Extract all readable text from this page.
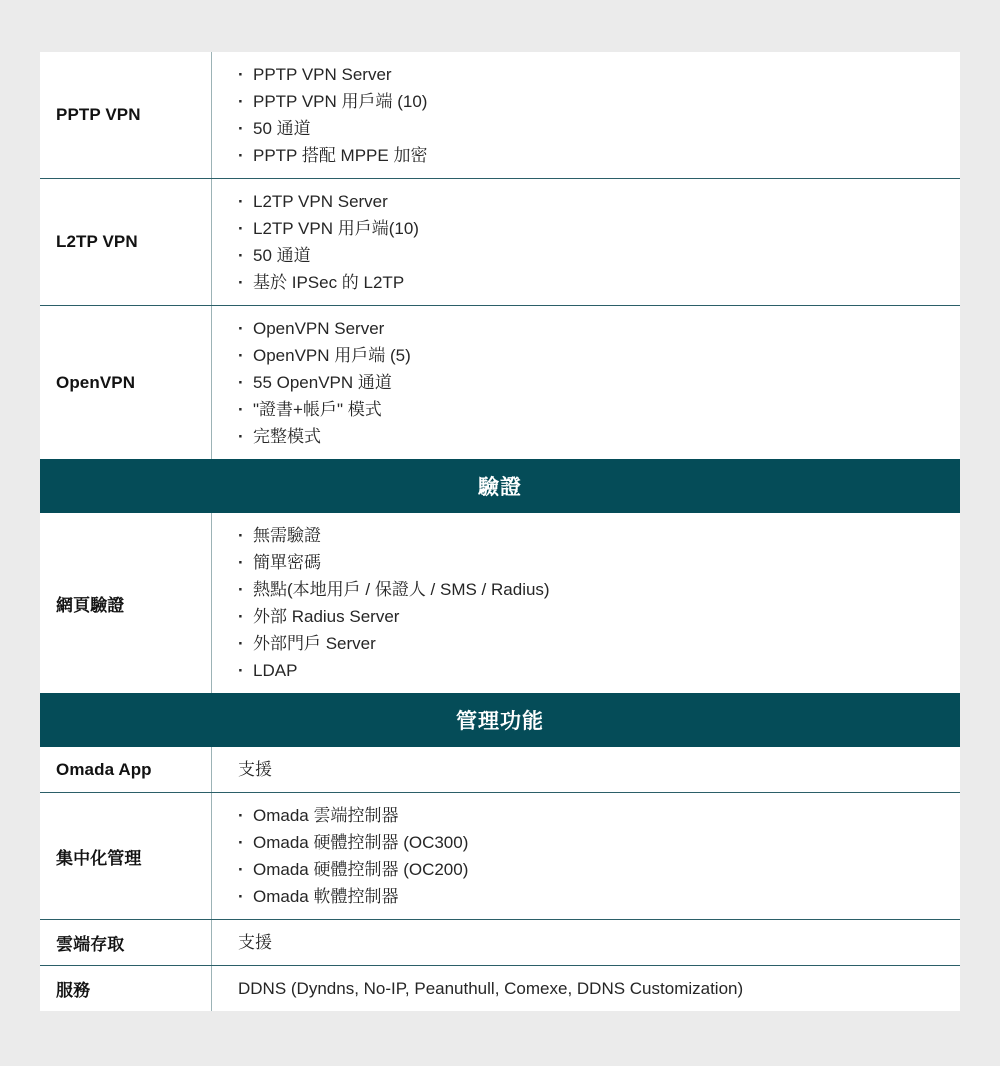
PPTP VPN
· PPTP VPN Server
· PPTP VPN 用戶端 (10)
· 50 通道
· PPTP 搭配 MPPE 加密
L2TP VPN
· L2TP VPN Server
· L2TP VPN 用戶端(10)
· 50 通道
· 基於 IPSec 的 L2TP
OpenVPN
· OpenVPN Server
· OpenVPN 用戶端 (5)
· 55 OpenVPN 通道
· "證書+帳戶" 模式
· 完整模式
驗證
網頁驗證
· 無需驗證
· 簡單密碼
· 熱點(本地用戶 / 保證人 / SMS / Radius)
· 外部 Radius Server
· 外部門戶 Server
· LDAP
管理功能
Omada App	支援
集中化管理
· Omada 雲端控制器
· Omada 硬體控制器 (OC300)
· Omada 硬體控制器 (OC200)
· Omada 軟體控制器
雲端存取	支援
服務	DDNS (Dyndns, No-IP, Peanuthull, Comexe, DDNS Customization)
